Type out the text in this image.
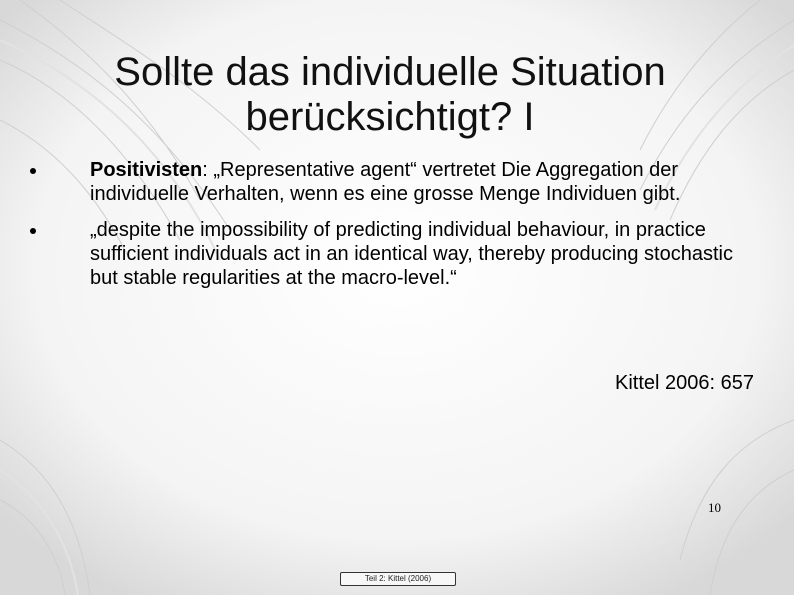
Sollte das individuelle Situation
berücksichtigt? I
Positivisten: „Representative agent“ vertretet Die Aggregation der individuelle Verhalten, wenn es eine grosse Menge Individuen gibt.
„despite the impossibility of predicting individual behaviour, in practice sufficient individuals act in an identical way, thereby producing stochastic but stable regularities at the macro-level.“
Kittel 2006: 657
10
Teil 2: Kittel (2006)
